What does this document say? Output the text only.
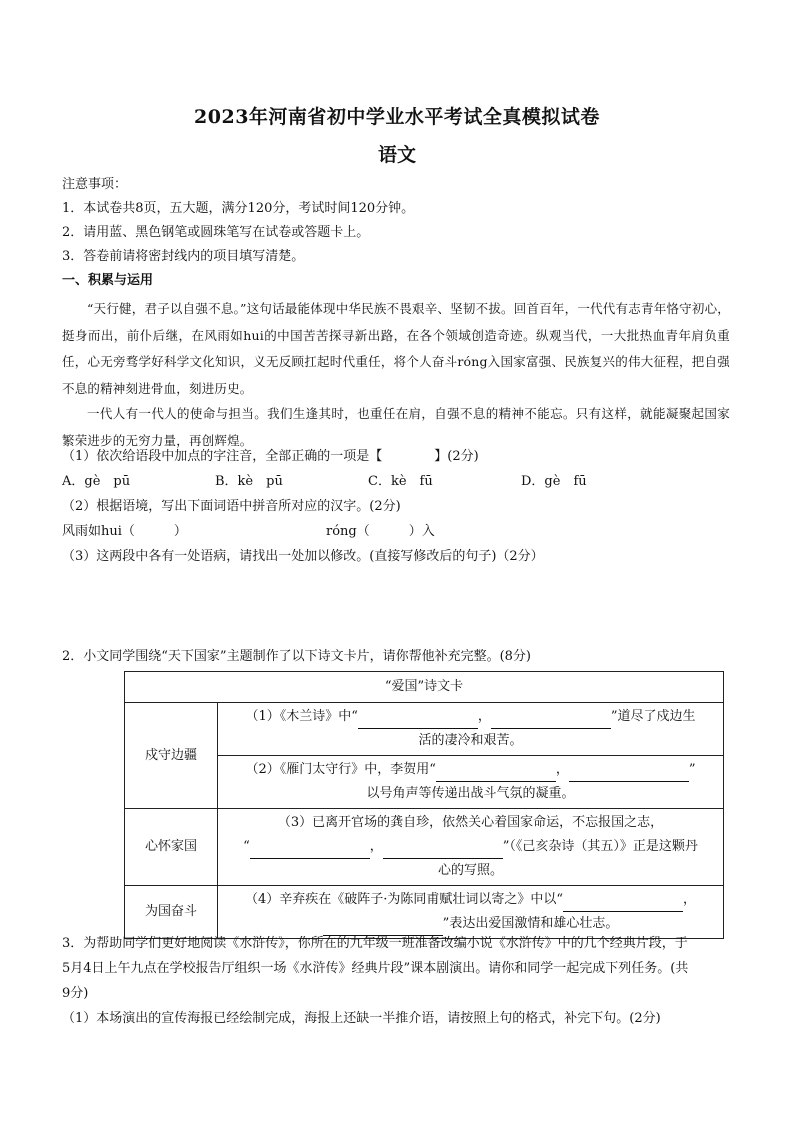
2023年河南省初中学业水平考试全真模拟试卷
语文
注意事项：
1．本试卷共8页，五大题，满分120分，考试时间120分钟。
2．请用蓝、黑色钢笔或圆珠笔写在试卷或答题卡上。
3．答卷前请将密封线内的项目填写清楚。
一、积累与运用
“天行健，君子以自强不息。”这句话最能体现中华民族不畏艰辛、坚韧不拔。回首百年，一代代有志青年恪守初心，挺身而出，前仆后继，在风雨如hui的中国苦苦探寻新出路，在各个领域创造奇迹。纵观当代，一大批热血青年肩负重任，心无旁骛学好科学文化知识，义无反顾扛起时代重任，将个人奋斗róng入国家富强、民族复兴的伟大征程，把自强不息的精神刻进骨血，刻进历史。
一代人有一代人的使命与担当。我们生逢其时，也重任在肩，自强不息的精神不能忘。只有这样，就能凝聚起国家繁荣进步的无穷力量，再创辉煌。
（1）依次给语段中加点的字注音，全部正确的一项是【　　　　】(2分)
A．gè　pū	B．kè　pū	C．kè　fū	D．gè　fū
（2）根据语境，写出下面词语中拼音所对应的汉字。(2分)
风雨如hui（　　　）	róng（　　　）入
（3）这两段中各有一处语病，请找出一处加以修改。(直接写修改后的句子)（2分）
2．小文同学围绕“天下国家”主题制作了以下诗文卡片，请你帮他补充完整。(8分)
“爱国”诗文卡	
戍守边疆	（1）《木兰诗》中“ ， ”道尽了戍边生
活的凄冷和艰苦。
	（2）《雁门太守行》中，李贺用“ ， ”
以号角声等传递出战斗气氛的凝重。
心怀家国	（3）已离开官场的龚自珍，依然关心着国家命运，不忘报国之志，
“ ， ”（《己亥杂诗（其五）》正是这颗丹
心的写照。
为国奋斗	（4）辛弃疾在《破阵子·为陈同甫赋壮词以寄之》中以“ ，
”表达出爱国激情和雄心壮志。
3．为帮助同学们更好地阅读《水浒传》，你所在的九年级一班准备改编小说《水浒传》中的几个经典片段，于
5月4日上午九点在学校报告厅组织一场《水浒传》经典片段”课本剧演出。请你和同学一起完成下列任务。(共
9分)
（1）本场演出的宣传海报已经绘制完成，海报上还缺一半推介语，请按照上句的格式，补完下句。(2分)
